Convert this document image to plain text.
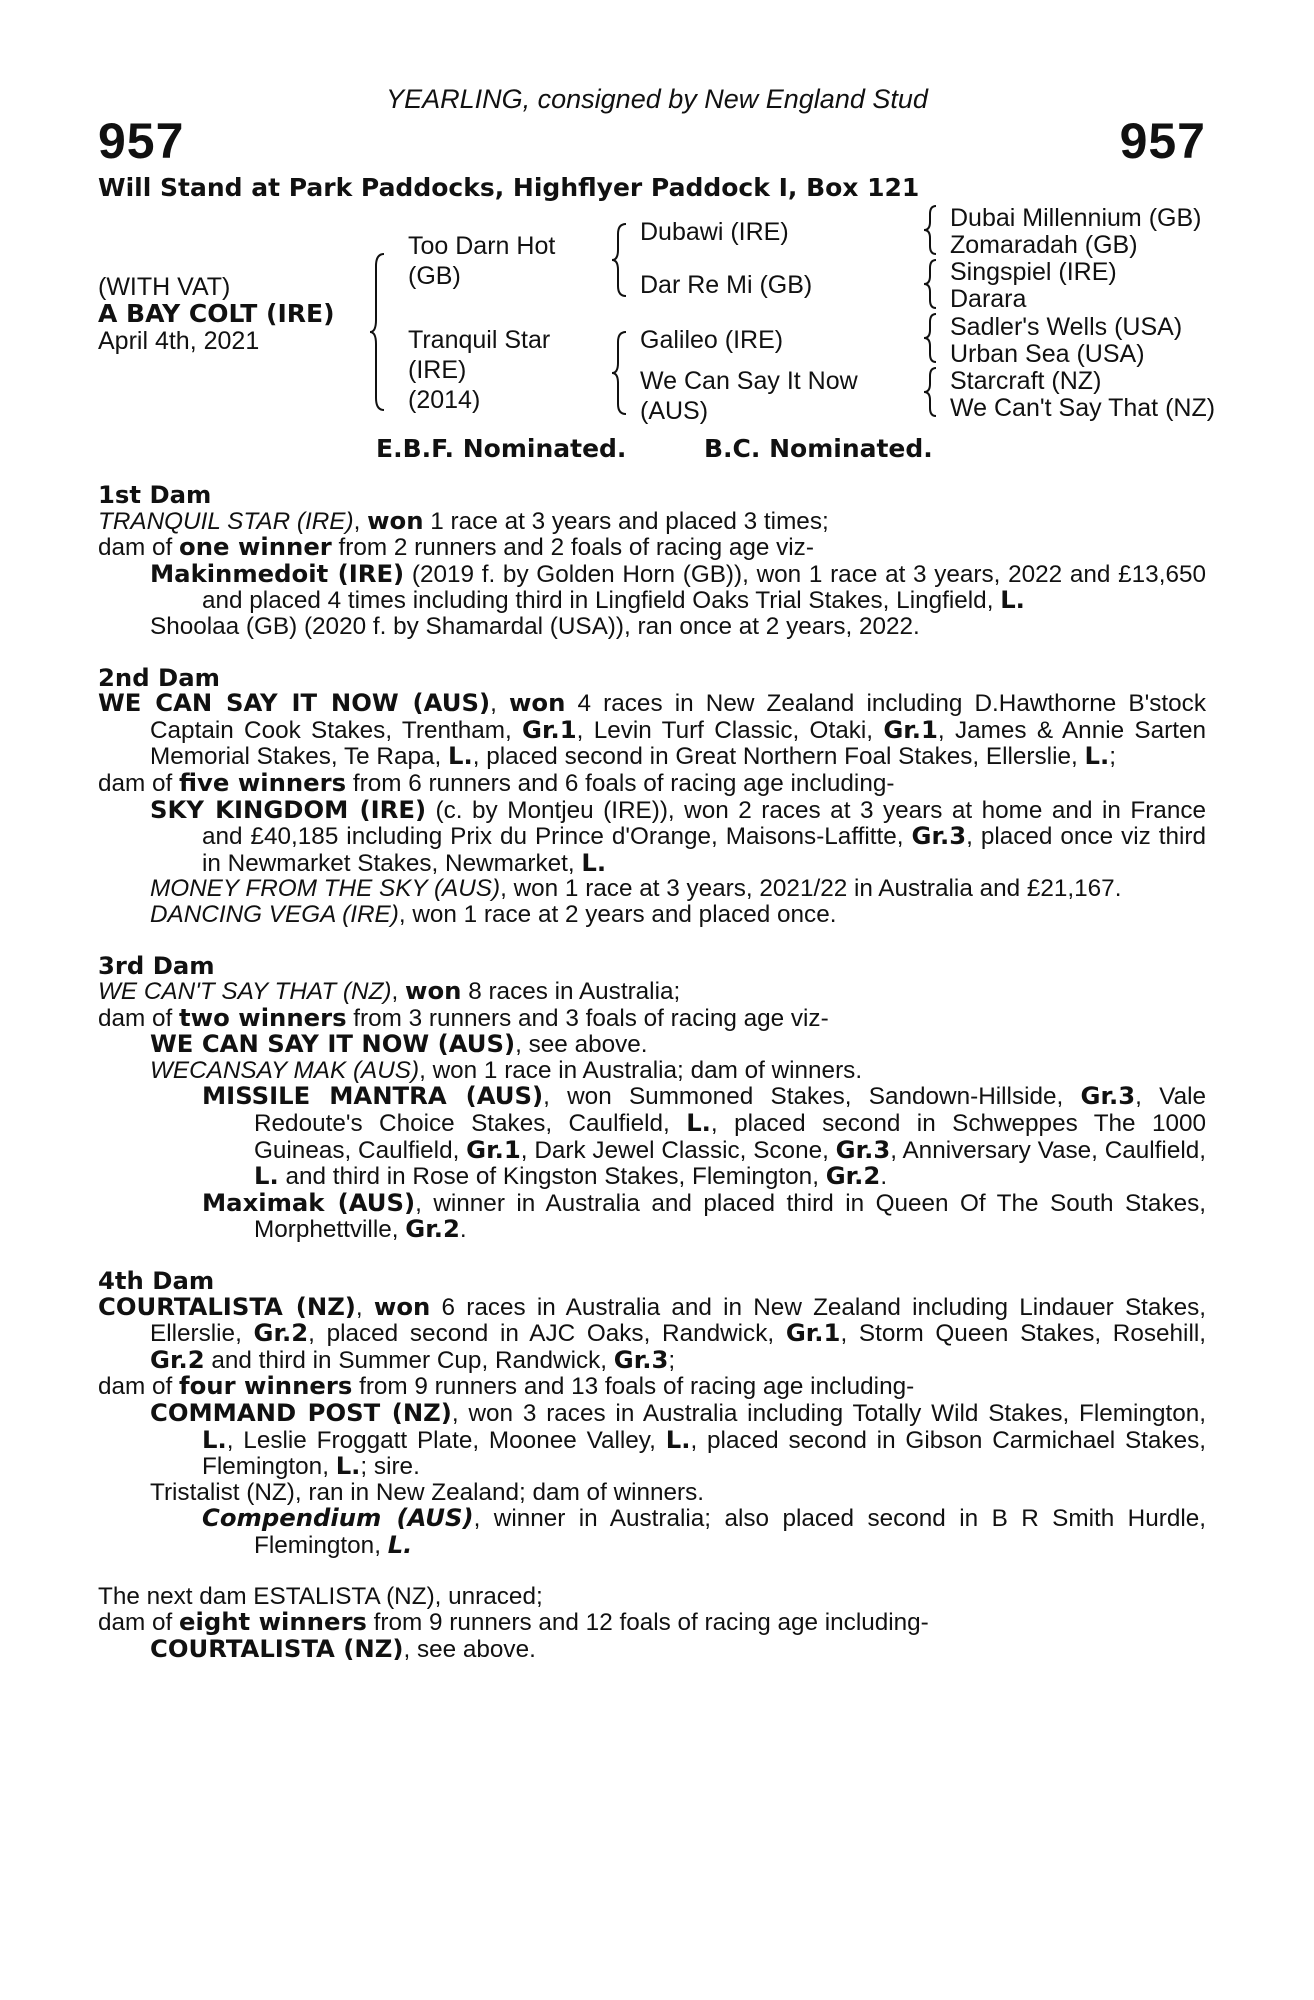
YEARLING, consigned by New England Stud
957	957
Will Stand at Park Paddocks, Highflyer Paddock I, Box 121
(WITH VAT)
A BAY COLT (IRE)
April 4th, 2021
Too Darn Hot
(GB)
Tranquil Star
(IRE)
(2014)
Dubawi (IRE)
Dar Re Mi (GB)
Galileo (IRE)
We Can Say It Now
(AUS)
Dubai Millennium (GB)
Zomaradah (GB)
Singspiel (IRE)
Darara
Sadler's Wells (USA)
Urban Sea (USA)
Starcraft (NZ)
We Can't Say That (NZ)
E.B.F. Nominated.	B.C. Nominated.
1st Dam
TRANQUIL STAR (IRE), won 1 race at 3 years and placed 3 times;
dam of one winner from 2 runners and 2 foals of racing age viz-
Makinmedoit (IRE) (2019 f. by Golden Horn (GB)), won 1 race at 3 years, 2022 and £13,650 and placed 4 times including third in Lingfield Oaks Trial Stakes, Lingfield, L.
Shoolaa (GB) (2020 f. by Shamardal (USA)), ran once at 2 years, 2022.
2nd Dam
WE CAN SAY IT NOW (AUS), won 4 races in New Zealand including D.Hawthorne B'stock Captain Cook Stakes, Trentham, Gr.1, Levin Turf Classic, Otaki, Gr.1, James & Annie Sarten Memorial Stakes, Te Rapa, L., placed second in Great Northern Foal Stakes, Ellerslie, L.;
dam of five winners from 6 runners and 6 foals of racing age including-
SKY KINGDOM (IRE) (c. by Montjeu (IRE)), won 2 races at 3 years at home and in France and £40,185 including Prix du Prince d'Orange, Maisons-Laffitte, Gr.3, placed once viz third in Newmarket Stakes, Newmarket, L.
MONEY FROM THE SKY (AUS), won 1 race at 3 years, 2021/22 in Australia and £21,167.
DANCING VEGA (IRE), won 1 race at 2 years and placed once.
3rd Dam
WE CAN'T SAY THAT (NZ), won 8 races in Australia;
dam of two winners from 3 runners and 3 foals of racing age viz-
WE CAN SAY IT NOW (AUS), see above.
WECANSAY MAK (AUS), won 1 race in Australia; dam of winners.
MISSILE MANTRA (AUS), won Summoned Stakes, Sandown-Hillside, Gr.3, Vale Redoute's Choice Stakes, Caulfield, L., placed second in Schweppes The 1000 Guineas, Caulfield, Gr.1, Dark Jewel Classic, Scone, Gr.3, Anniversary Vase, Caulfield, L. and third in Rose of Kingston Stakes, Flemington, Gr.2.
Maximak (AUS), winner in Australia and placed third in Queen Of The South Stakes, Morphettville, Gr.2.
4th Dam
COURTALISTA (NZ), won 6 races in Australia and in New Zealand including Lindauer Stakes, Ellerslie, Gr.2, placed second in AJC Oaks, Randwick, Gr.1, Storm Queen Stakes, Rosehill, Gr.2 and third in Summer Cup, Randwick, Gr.3;
dam of four winners from 9 runners and 13 foals of racing age including-
COMMAND POST (NZ), won 3 races in Australia including Totally Wild Stakes, Flemington, L., Leslie Froggatt Plate, Moonee Valley, L., placed second in Gibson Carmichael Stakes, Flemington, L.; sire.
Tristalist (NZ), ran in New Zealand; dam of winners.
Compendium (AUS), winner in Australia; also placed second in B R Smith Hurdle, Flemington, L.
The next dam ESTALISTA (NZ), unraced;
dam of eight winners from 9 runners and 12 foals of racing age including-
COURTALISTA (NZ), see above.
